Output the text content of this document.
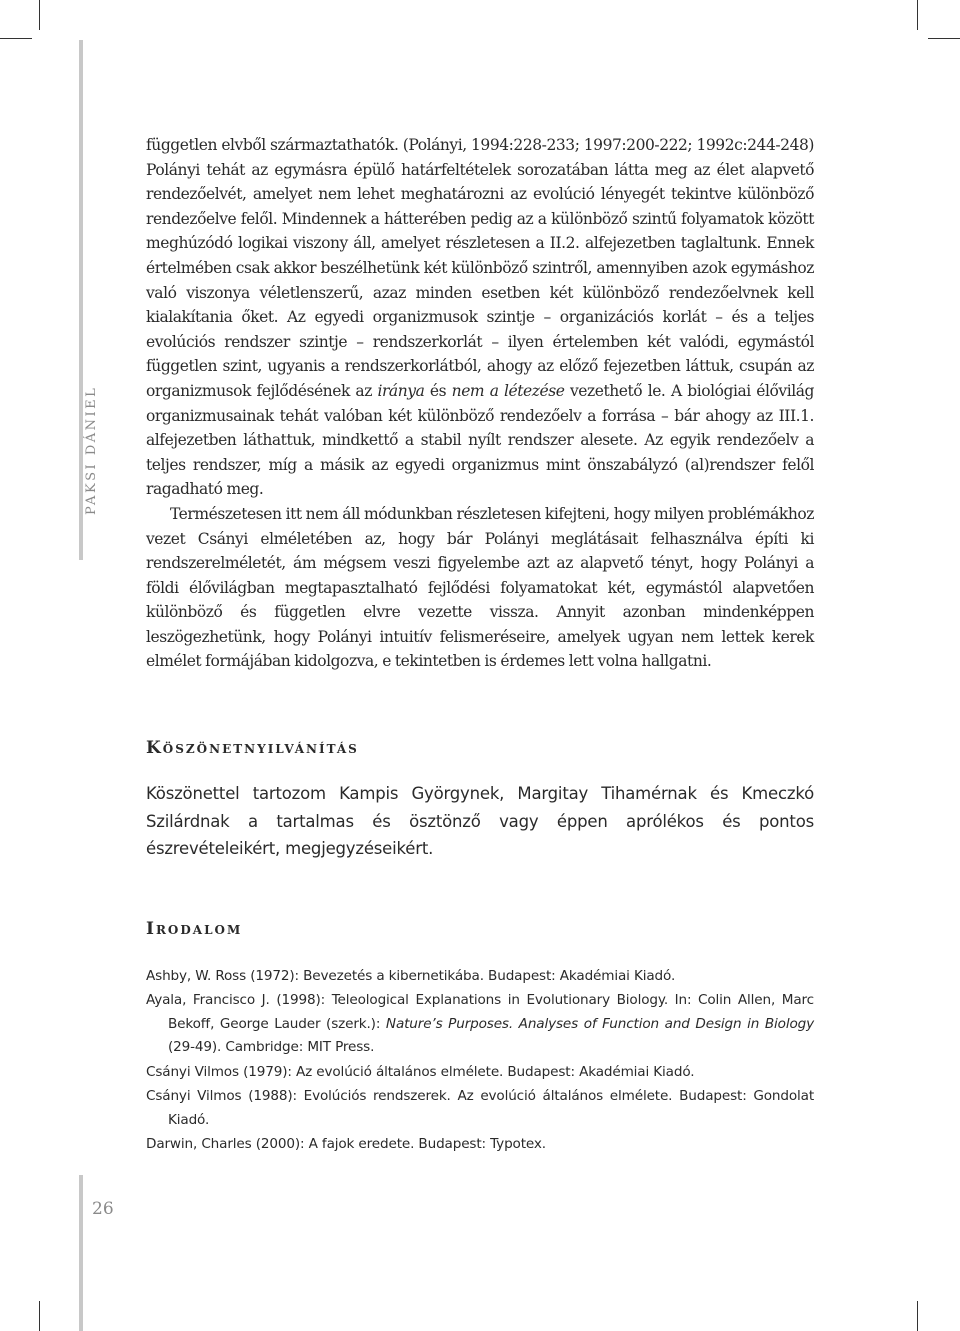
PAKSI DÁNIEL
26

független elvből származtathatók. (Polányi, 1994:228-233; 1997:200-222; 1992c:244-248) Polányi tehát az egymásra épülő határfeltételek sorozatában látta meg az élet alapvető rendezőelvét, amelyet nem lehet meghatározni az evolúció lényegét tekintve különböző rendezőelve felől. Mindennek a hátterében pedig az a különböző szintű folyamatok között meghúzódó logikai viszony áll, amelyet részletesen a II.2. alfejezetben taglaltunk. Ennek értelmében csak akkor beszélhetünk két különböző szintről, amennyiben azok egymáshoz való viszonya véletlenszerű, azaz minden esetben két különböző rendezőelvnek kell kialakítania őket. Az egyedi organizmusok szintje – organizációs korlát – és a teljes evolúciós rendszer szintje – rendszerkorlát – ilyen értelemben két valódi, egymástól független szint, ugyanis a rendszerkorlátból, ahogy az előző fejezetben láttuk, csupán az organizmusok fejlődésének az iránya és nem a létezése vezethető le. A biológiai élővilág organizmusainak tehát valóban két különböző rendezőelv a forrása – bár ahogy az III.1. alfejezetben láthattuk, mindkettő a stabil nyílt rendszer alesete. Az egyik rendezőelv a teljes rendszer, míg a másik az egyedi organizmus mint önszabályzó (al)rendszer felől ragadható meg.

Természetesen itt nem áll módunkban részletesen kifejteni, hogy milyen problémákhoz vezet Csányi elméletében az, hogy bár Polányi meglátásait felhasználva építi ki rendszerelméletét, ám mégsem veszi figyelembe azt az alapvető tényt, hogy Polányi a földi élővilágban megtapasztalható fejlődési folyamatokat két, egymástól alapvetően különböző és független elvre vezette vissza. Annyit azonban mindenképpen leszögezhetünk, hogy Polányi intuitív felismeréseire, amelyek ugyan nem lettek kerek elmélet formájában kidolgozva, e tekintetben is érdemes lett volna hallgatni.

Köszönetnyilvánítás

Köszönettel tartozom Kampis Györgynek, Margitay Tihamérnak és Kmeczkó Szilárdnak a tartalmas és ösztönző vagy éppen aprólékos és pontos észrevételeikért, megjegyzéseikért.

Irodalom
Ashby, W. Ross (1972): Bevezetés a kibernetikába. Budapest: Akadémiai Kiadó.
Ayala, Francisco J. (1998): Teleological Explanations in Evolutionary Biology. In: Colin Allen, Marc Bekoff, George Lauder (szerk.): Nature’s Purposes. Analyses of Function and Design in Biology (29-49). Cambridge: MIT Press.
Csányi Vilmos (1979): Az evolúció általános elmélete. Budapest: Akadémiai Kiadó.
Csányi Vilmos (1988): Evolúciós rendszerek. Az evolúció általános elmélete. Budapest: Gondolat Kiadó.
Darwin, Charles (2000): A fajok eredete. Budapest: Typotex.
